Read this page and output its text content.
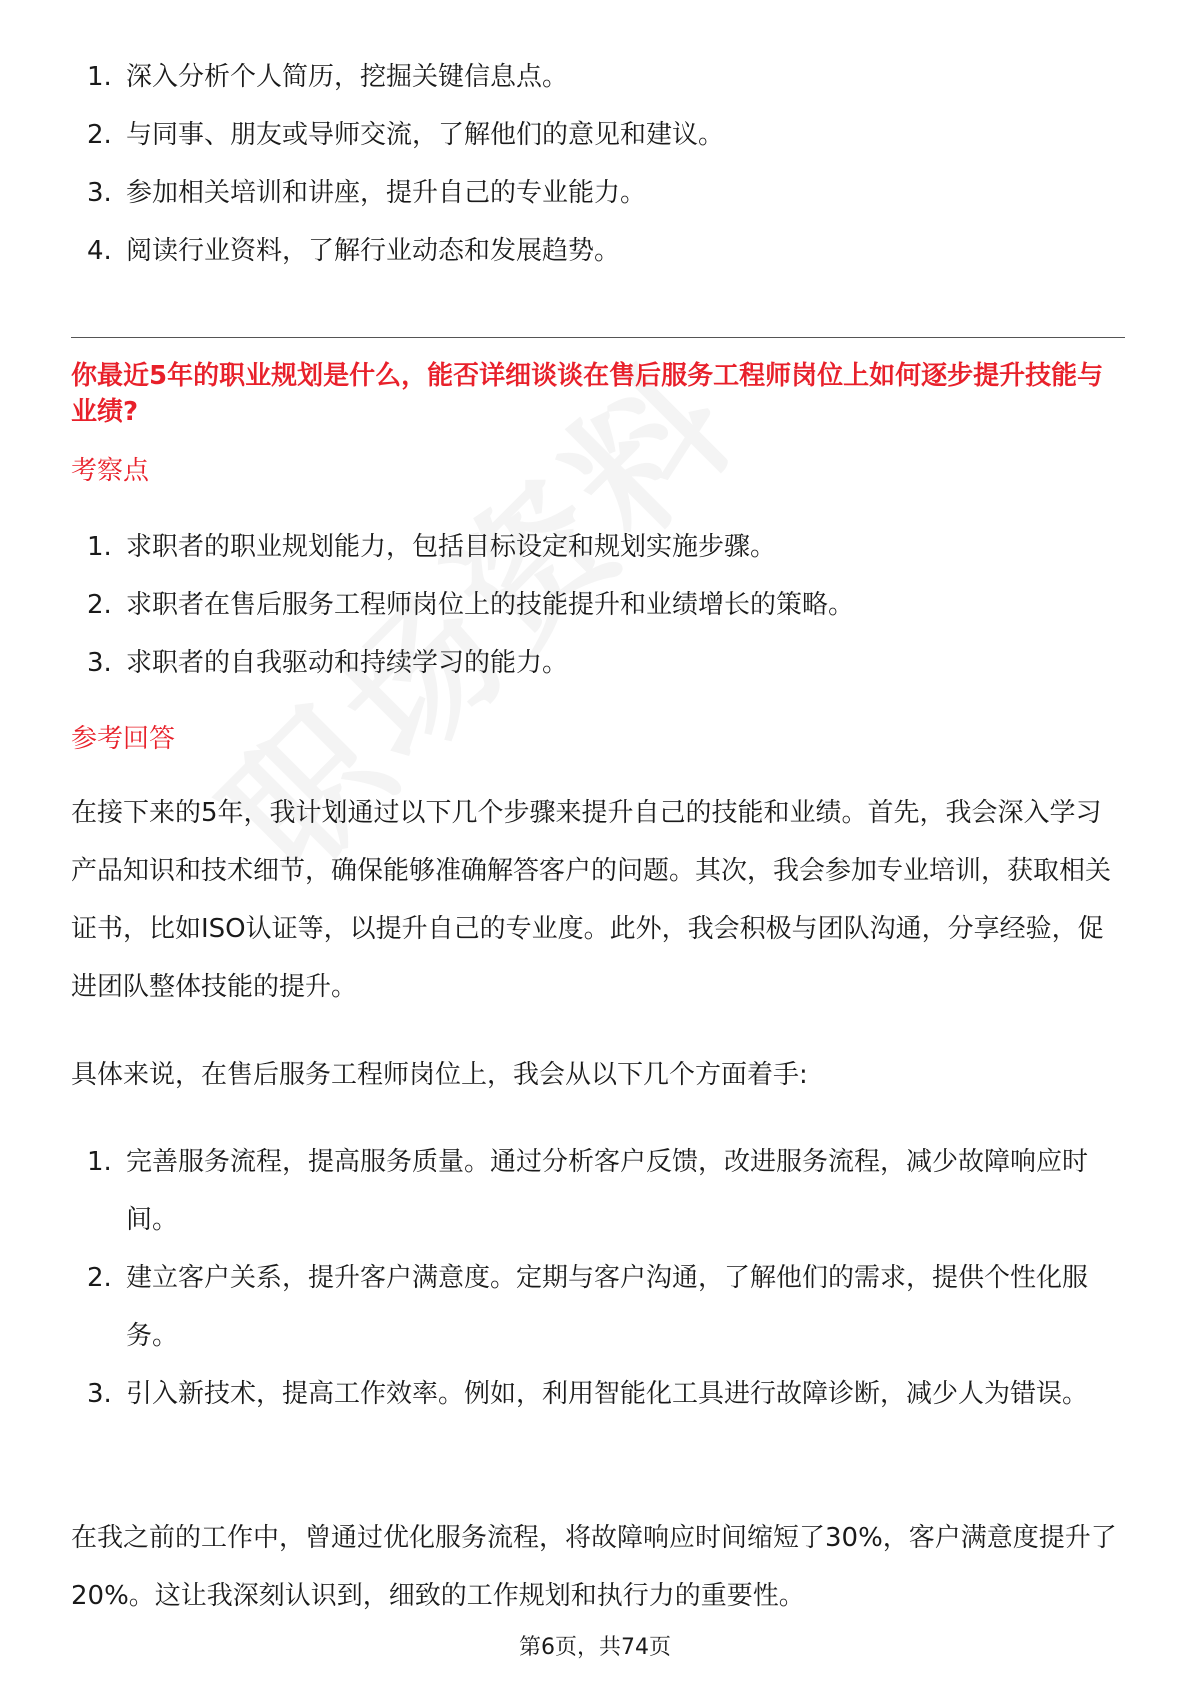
1. 深入分析个人简历，挖掘关键信息点。
2. 与同事、朋友或导师交流，了解他们的意见和建议。
3. 参加相关培训和讲座，提升自己的专业能力。
4. 阅读行业资料，了解行业动态和发展趋势。
你最近5年的职业规划是什么，能否详细谈谈在售后服务工程师岗位上如何逐步提升技能与业绩?
考察点
1. 求职者的职业规划能力，包括目标设定和规划实施步骤。
2. 求职者在售后服务工程师岗位上的技能提升和业绩增长的策略。
3. 求职者的自我驱动和持续学习的能力。
参考回答
在接下来的5年，我计划通过以下几个步骤来提升自己的技能和业绩。首先，我会深入学习产品知识和技术细节，确保能够准确解答客户的问题。其次，我会参加专业培训，获取相关证书，比如ISO认证等，以提升自己的专业度。此外，我会积极与团队沟通，分享经验，促进团队整体技能的提升。
具体来说，在售后服务工程师岗位上，我会从以下几个方面着手:
1. 完善服务流程，提高服务质量。通过分析客户反馈，改进服务流程，减少故障响应时间。
2. 建立客户关系，提升客户满意度。定期与客户沟通，了解他们的需求，提供个性化服务。
3. 引入新技术，提高工作效率。例如，利用智能化工具进行故障诊断，减少人为错误。
在我之前的工作中，曾通过优化服务流程，将故障响应时间缩短了30%，客户满意度提升了20%。这让我深刻认识到，细致的工作规划和执行力的重要性。
第6页，共74页
